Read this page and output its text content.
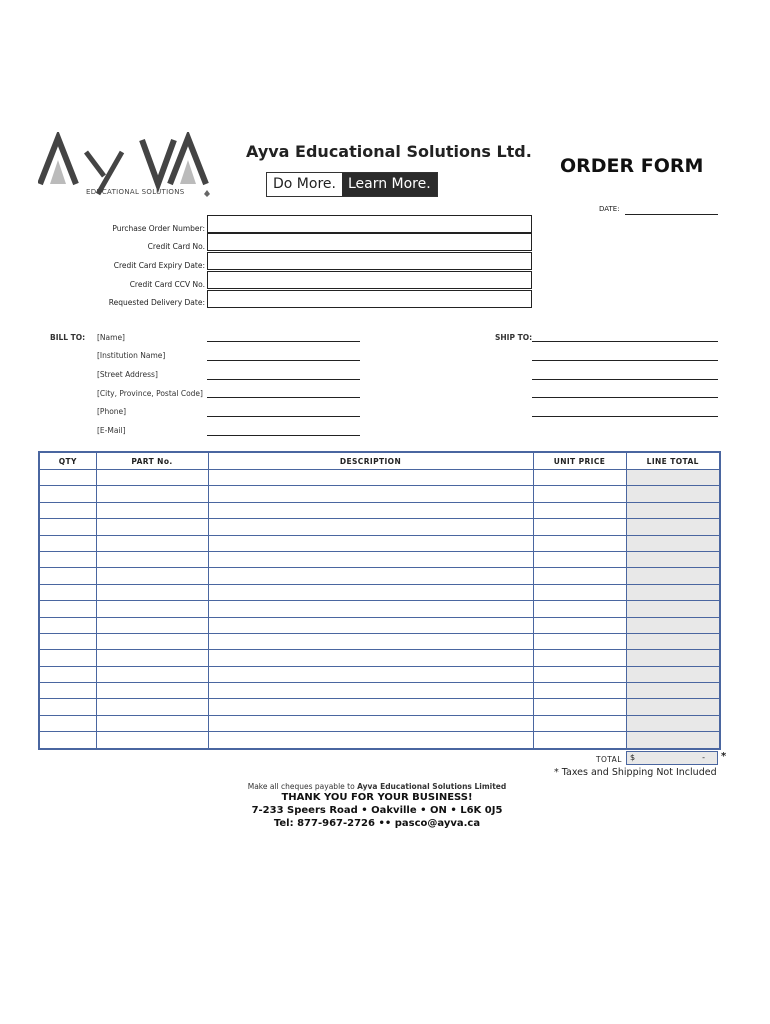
EDUCATIONAL SOLUTIONS
Ayva Educational Solutions Ltd.
Do More. Learn More.
ORDER FORM
DATE:
Purchase Order Number:
Credit Card No.
Credit Card Expiry Date:
Credit Card CCV No.
Requested Delivery Date:
BILL TO: [Name]
[Institution Name]
[Street Address]
[City, Province, Postal Code]
[Phone]
[E-Mail]
SHIP TO:
QTY	PART No.	DESCRIPTION	UNIT PRICE	LINE TOTAL

TOTAL $	- *
* Taxes and Shipping Not Included
Make all cheques payable to Ayva Educational Solutions Limited
THANK YOU FOR YOUR BUSINESS!
7-233 Speers Road • Oakville • ON • L6K 0J5
Tel: 877-967-2726 •• pasco@ayva.ca
